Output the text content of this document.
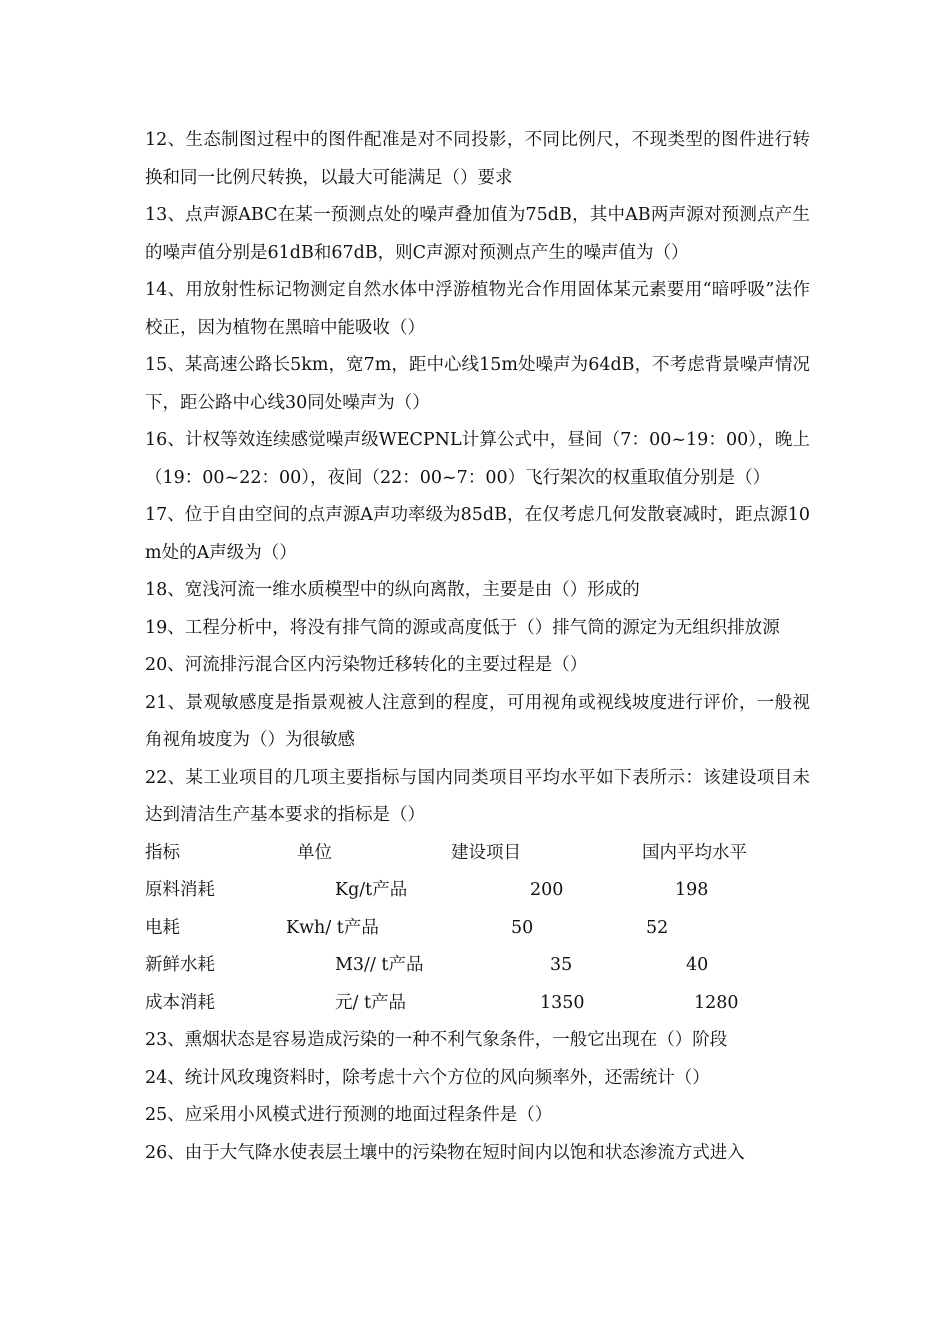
12、生态制图过程中的图件配准是对不同投影，不同比例尺，不现类型的图件进行转换和同一比例尺转换，以最大可能满足（）要求

13、点声源ABC在某一预测点处的噪声叠加值为75dB，其中AB两声源对预测点产生的噪声值分别是61dB和67dB，则C声源对预测点产生的噪声值为（）

14、用放射性标记物测定自然水体中浮游植物光合作用固体某元素要用“暗呼吸”法作校正，因为植物在黑暗中能吸收（）

15、某高速公路长5km，宽7m，距中心线15m处噪声为64dB，不考虑背景噪声情况下，距公路中心线30同处噪声为（）

16、计权等效连续感觉噪声级WECPNL计算公式中，昼间（7：00~19：00），晚上（19：00~22：00），夜间（22：00~7：00）飞行架次的权重取值分别是（）

17、位于自由空间的点声源A声功率级为85dB，在仅考虑几何发散衰减时，距点源10m处的A声级为（）

18、宽浅河流一维水质模型中的纵向离散，主要是由（）形成的

19、工程分析中，将没有排气筒的源或高度低于（）排气筒的源定为无组织排放源

20、河流排污混合区内污染物迁移转化的主要过程是（）

21、景观敏感度是指景观被人注意到的程度，可用视角或视线坡度进行评价，一般视角视角坡度为（）为很敏感

22、某工业项目的几项主要指标与国内同类项目平均水平如下表所示：该建设项目未达到清洁生产基本要求的指标是（）

指标	单位	建设项目	国内平均水平
原料消耗	Kg/t产品	200	198
电耗	Kwh/ t产品	50	52
新鲜水耗	M3// t产品	35	40
成本消耗	元/ t产品	1350	1280

23、熏烟状态是容易造成污染的一种不利气象条件，一般它出现在（）阶段

24、统计风玫瑰资料时，除考虑十六个方位的风向频率外，还需统计（）

25、应采用小风模式进行预测的地面过程条件是（）

26、由于大气降水使表层土壤中的污染物在短时间内以饱和状态渗流方式进入
